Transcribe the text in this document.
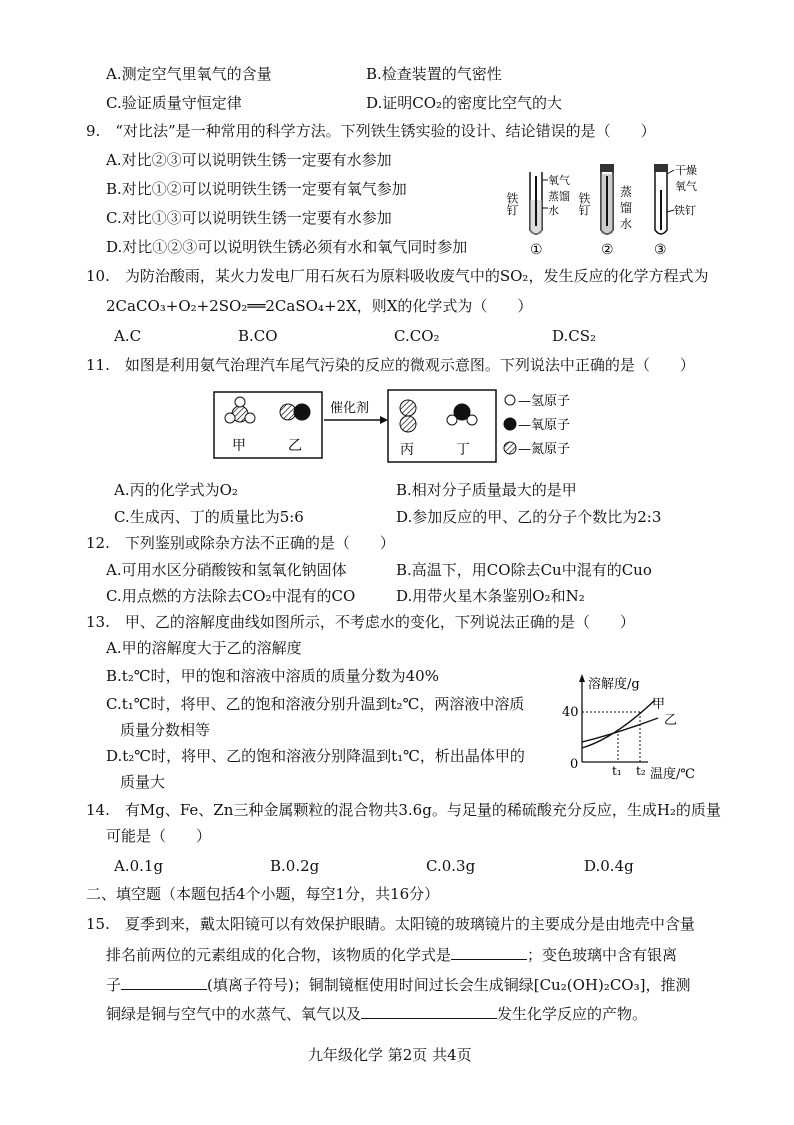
A.测定空气里氧气的含量	B.检查装置的气密性
C.验证质量守恒定律	D.证明CO₂的密度比空气的大
9.　“对比法”是一种常用的科学方法。下列铁生锈实验的设计、结论错误的是（　　）
A.对比②③可以说明铁生锈一定要有水参加
B.对比①②可以说明铁生锈一定要有氧气参加
C.对比①③可以说明铁生锈一定要有水参加
D.对比①②③可以说明铁生锈必须有水和氧气同时参加
铁钉
氧气
蒸馏
水 铁钉 蒸
馏
水
干燥
氧气
铁钉
①	②	③
10.　为防治酸雨，某火力发电厂用石灰石为原料吸收废气中的SO₂，发生反应的化学方程式为
2CaCO₃+O₂+2SO₂══2CaSO₄+2X，则X的化学式为（　　）
A.C	B.CO	C.CO₂	D.CS₂
11.　如图是利用氨气治理汽车尾气污染的反应的微观示意图。下列说法中正确的是（　　）
甲	乙
催化剂
丙	丁
—氢原子
—氧原子
—氮原子
A.丙的化学式为O₂	B.相对分子质量最大的是甲
C.生成丙、丁的质量比为5:6	D.参加反应的甲、乙的分子个数比为2:3
12.　下列鉴别或除杂方法不正确的是（　　）
A.可用水区分硝酸铵和氢氧化钠固体	B.高温下，用CO除去Cu中混有的Cuo
C.用点燃的方法除去CO₂中混有的CO	D.用带火星木条鉴别O₂和N₂
13.　甲、乙的溶解度曲线如图所示，不考虑水的变化，下列说法正确的是（　　）
A.甲的溶解度大于乙的溶解度
B.t₂℃时，甲的饱和溶液中溶质的质量分数为40%
C.t₁℃时，将甲、乙的饱和溶液分别升温到t₂℃，两溶液中溶质
质量分数相等
D.t₂℃时，将甲、乙的饱和溶液分别降温到t₁℃，析出晶体甲的
质量大
溶解度/g
温度/℃
40
0	t₁ t₂
甲
乙
14.　有Mg、Fe、Zn三种金属颗粒的混合物共3.6g。与足量的稀硫酸充分反应，生成H₂的质量
可能是（　　）
A.0.1g	B.0.2g	C.0.3g	D.0.4g
二、填空题（本题包括4个小题，每空1分，共16分）
15.　夏季到来，戴太阳镜可以有效保护眼睛。太阳镜的玻璃镜片的主要成分是由地壳中含量
排名前两位的元素组成的化合物，该物质的化学式是	；变色玻璃中含有银离
子	(填离子符号)；铜制镜框使用时间过长会生成铜绿[Cu₂(OH)₂CO₃]，推测
铜绿是铜与空气中的水蒸气、氧气以及	发生化学反应的产物。
九年级化学 第2页 共4页
